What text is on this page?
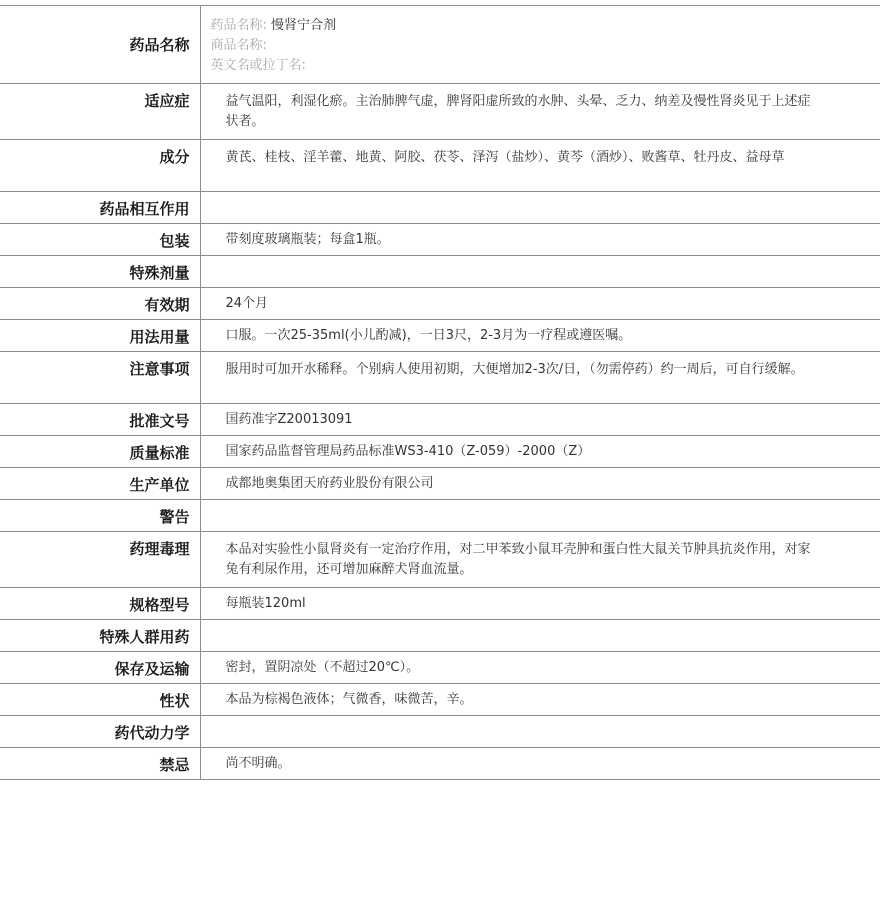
药品名称	药品名称: 慢肾宁合剂
商品名称:
英文名或拉丁名:

适应症	益气温阳，利湿化瘀。主治肺脾气虚，脾肾阳虚所致的水肿、头晕、乏力、纳差及慢性肾炎见于上述症状者。
成分	黄芪、桂枝、淫羊藿、地黄、阿胶、茯苓、泽泻（盐炒）、黄芩（酒炒）、败酱草、牡丹皮、益母草
药品相互作用	
包装	带刻度玻璃瓶装；每盒1瓶。
特殊剂量	
有效期	24个月
用法用量	口服。一次25-35ml(小儿酌减)，一日3尺，2-3月为一疗程或遵医嘱。
注意事项	服用时可加开水稀释。个别病人使用初期，大便增加2-3次/日，（勿需停药）约一周后，可自行缓解。
批准文号	国药准字Z20013091
质量标准	国家药品监督管理局药品标准WS3-410（Z-059）-2000（Z）
生产单位	成都地奥集团天府药业股份有限公司
警告	
药理毒理	本品对实验性小鼠肾炎有一定治疗作用，对二甲苯致小鼠耳壳肿和蛋白性大鼠关节肿具抗炎作用，对家兔有利尿作用，还可增加麻醉犬肾血流量。
规格型号	每瓶装120ml
特殊人群用药	
保存及运输	密封，置阴凉处（不超过20℃）。
性状	本品为棕褐色液体；气微香，味微苦，辛。
药代动力学	
禁忌	尚不明确。
